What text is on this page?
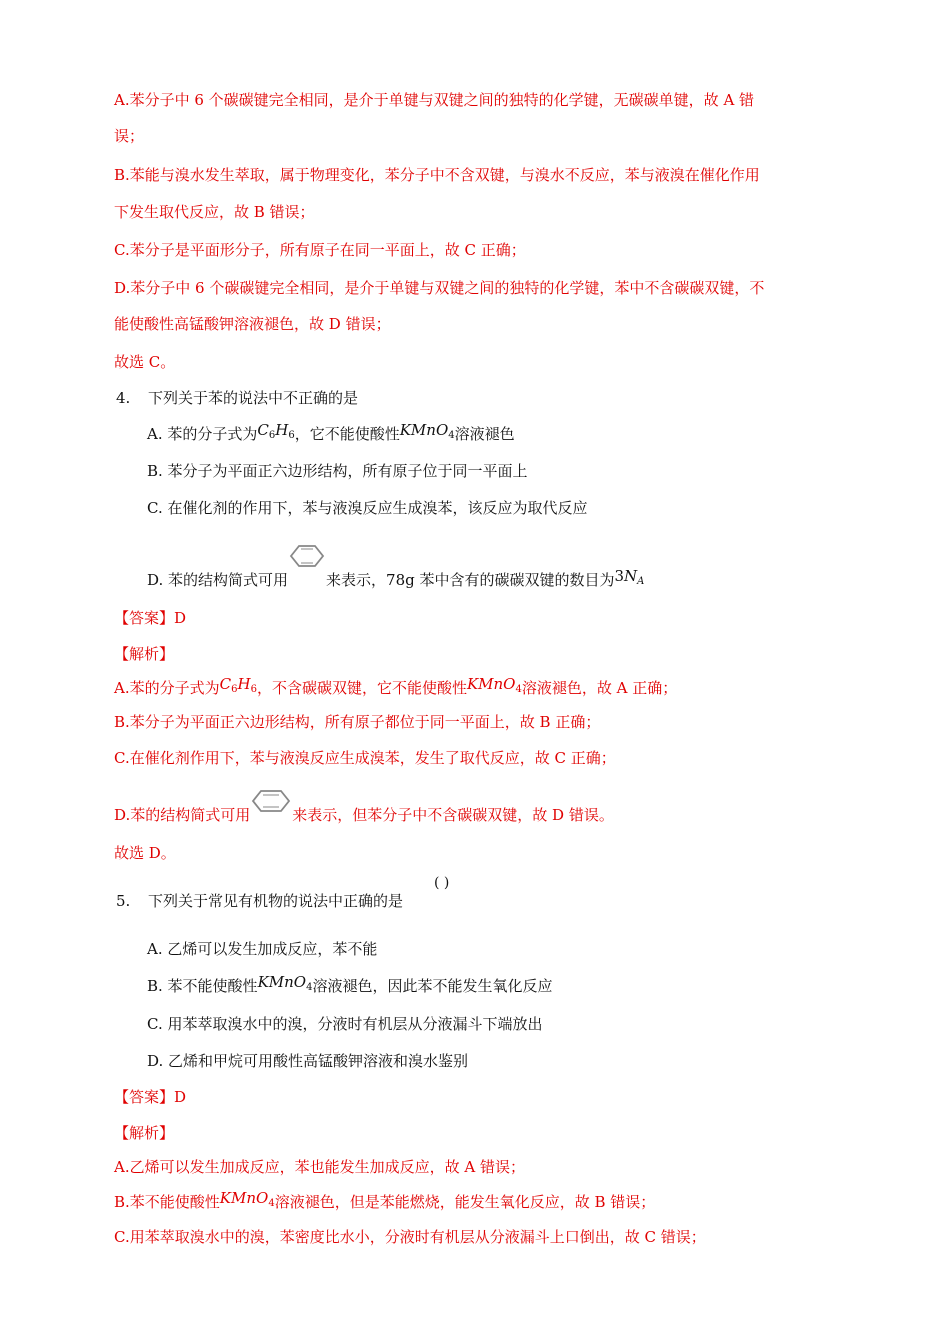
A.苯分子中 6 个碳碳键完全相同，是介于单键与双键之间的独特的化学键，无碳碳单键，故 A 错
误；
B.苯能与溴水发生萃取，属于物理变化，苯分子中不含双键，与溴水不反应，苯与液溴在催化作用
下发生取代反应，故 B 错误；
C.苯分子是平面形分子，所有原子在同一平面上，故 C 正确；
D.苯分子中 6 个碳碳键完全相同，是介于单键与双键之间的独特的化学键，苯中不含碳碳双键，不
能使酸性高锰酸钾溶液褪色，故 D 错误；
故选 C。
4. 下列关于苯的说法中不正确的是
A. 苯的分子式为$C_6H_6$，它不能使酸性KMnO$_4$溶液褪色
B. 苯分子为平面正六边形结构，所有原子位于同一平面上
C. 在催化剂的作用下，苯与液溴反应生成溴苯，该反应为取代反应
D. 苯的结构简式可用	来表示，78g 苯中含有的碳碳双键的数目为$3N_A$
【答案】D
【解析】
A.苯的分子式为$C_6H_6$，不含碳碳双键，它不能使酸性KMnO$_4$溶液褪色，故 A 正确；
B.苯分子为平面正六边形结构，所有原子都位于同一平面上，故 B 正确；
C.在催化剂作用下，苯与液溴反应生成溴苯，发生了取代反应，故 C 正确；
D.苯的结构简式可用	来表示，但苯分子中不含碳碳双键，故 D 错误。
故选 D。
( )
5. 下列关于常见有机物的说法中正确的是
A. 乙烯可以发生加成反应，苯不能
B. 苯不能使酸性KMnO$_4$溶液褪色，因此苯不能发生氧化反应
C. 用苯萃取溴水中的溴，分液时有机层从分液漏斗下端放出
D. 乙烯和甲烷可用酸性高锰酸钾溶液和溴水鉴别
【答案】D
【解析】
A.乙烯可以发生加成反应，苯也能发生加成反应，故 A 错误；
B.苯不能使酸性KMnO$_4$溶液褪色，但是苯能燃烧，能发生氧化反应，故 B 错误；
C.用苯萃取溴水中的溴，苯密度比水小，分液时有机层从分液漏斗上口倒出，故 C 错误；
